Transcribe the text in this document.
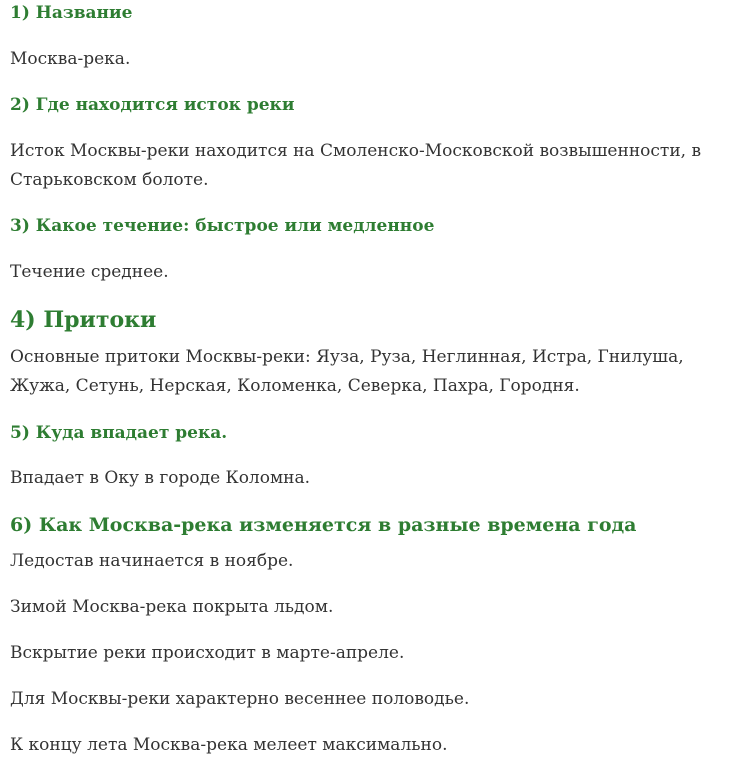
1) Название

Москва-река.

2) Где находится исток реки

Исток Москвы-реки находится на Смоленско-Московской возвышенности, в Старьковском болоте.

3) Какое течение: быстрое или медленное

Течение среднее.

4) Притоки

Основные притоки Москвы-реки: Яуза, Руза, Неглинная, Истра, Гнилуша, Жужа, Сетунь, Нерская, Коломенка, Северка, Пахра, Городня.

5) Куда впадает река.

Впадает в Оку в городе Коломна.

6) Как Москва-река изменяется в разные времена года

Ледостав начинается в ноябре.

Зимой Москва-река покрыта льдом.

Вскрытие реки происходит в марте-апреле.

Для Москвы-реки характерно весеннее половодье.

К концу лета Москва-река мелеет максимально.
